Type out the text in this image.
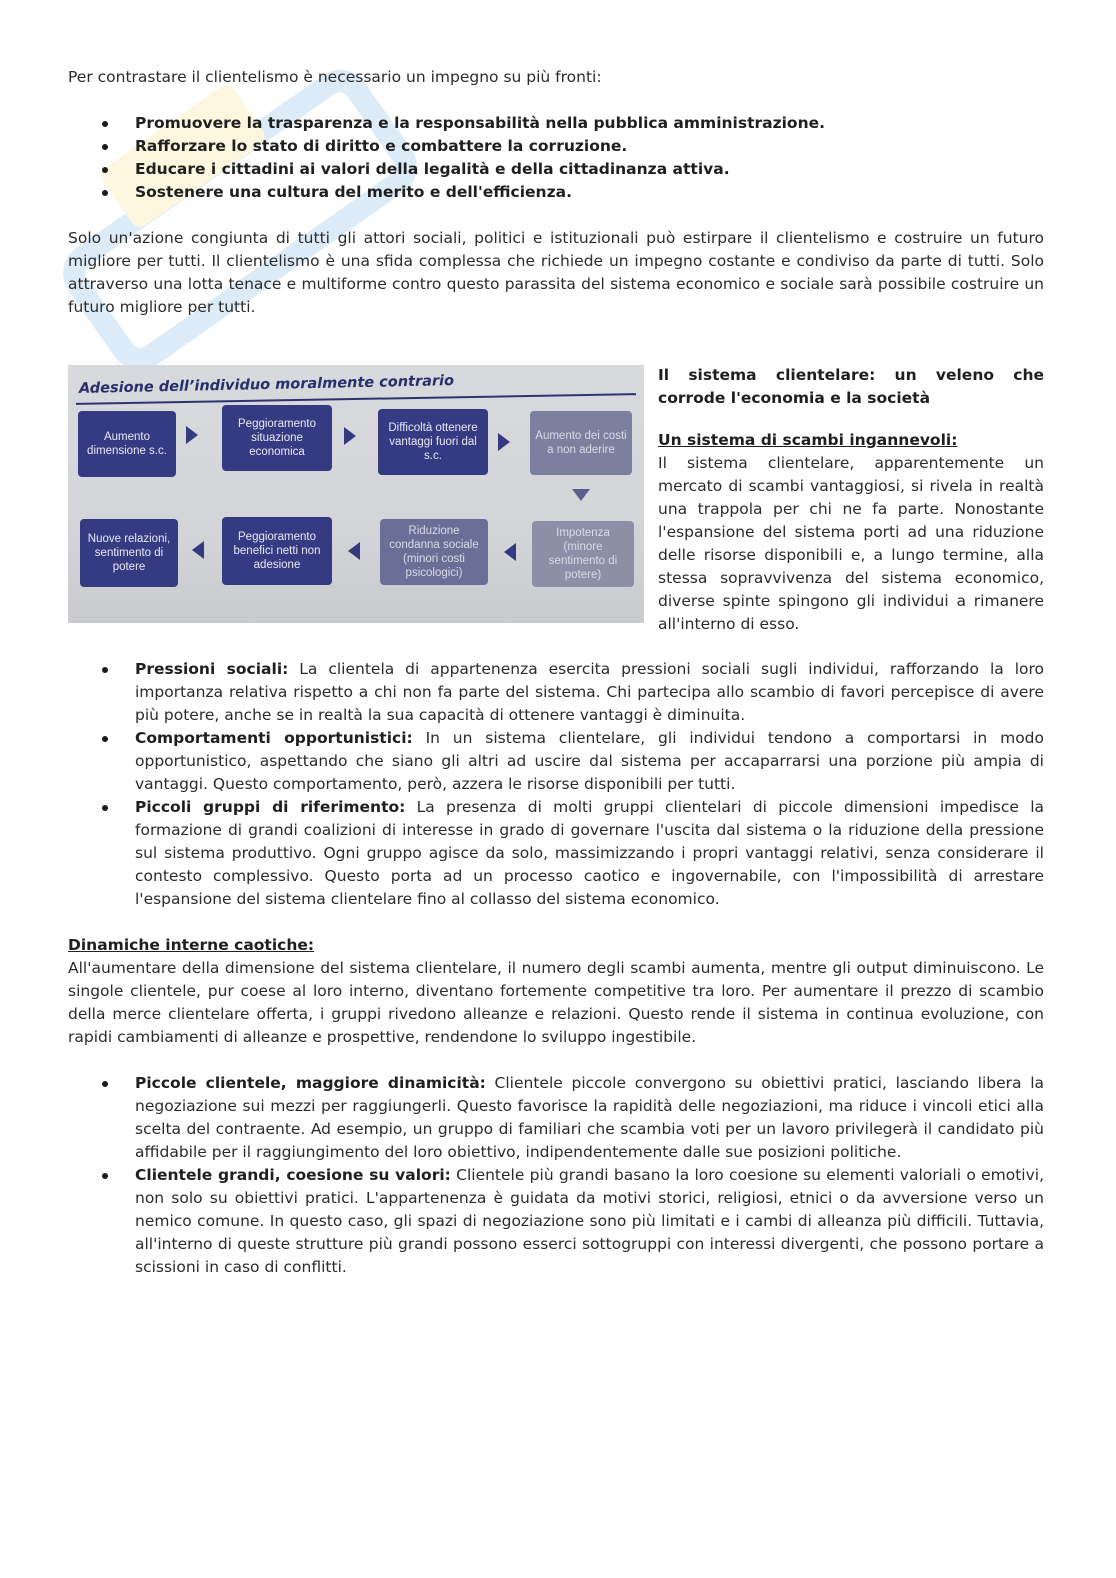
Per contrastare il clientelismo è necessario un impegno su più fronti:

Promuovere la trasparenza e la responsabilità nella pubblica amministrazione.
Rafforzare lo stato di diritto e combattere la corruzione.
Educare i cittadini ai valori della legalità e della cittadinanza attiva.
Sostenere una cultura del merito e dell'efficienza.

Solo un'azione congiunta di tutti gli attori sociali, politici e istituzionali può estirpare il clientelismo e costruire un futuro migliore per tutti. Il clientelismo è una sfida complessa che richiede un impegno costante e condiviso da parte di tutti. Solo attraverso una lotta tenace e multiforme contro questo parassita del sistema economico e sociale sarà possibile costruire un futuro migliore per tutti.

Adesione dell’individuo moralmente contrario
Aumento dimensione s.c.
Peggioramento situazione economica
Difficoltà ottenere vantaggi fuori dal s.c.
Aumento dei costi a non aderire
Nuove relazioni, sentimento di potere
Peggioramento benefici netti non adesione
Riduzione condanna sociale (minori costi psicologici)
Impotenza (minore sentimento di potere)

Il sistema clientelare: un veleno che corrode l'economia e la società

Un sistema di scambi ingannevoli:

Il sistema clientelare, apparentemente un mercato di scambi vantaggiosi, si rivela in realtà una trappola per chi ne fa parte. Nonostante l'espansione del sistema porti ad una riduzione delle risorse disponibili e, a lungo termine, alla stessa sopravvivenza del sistema economico, diverse spinte spingono gli individui a rimanere all'interno di esso.

Pressioni sociali: La clientela di appartenenza esercita pressioni sociali sugli individui, rafforzando la loro importanza relativa rispetto a chi non fa parte del sistema. Chi partecipa allo scambio di favori percepisce di avere più potere, anche se in realtà la sua capacità di ottenere vantaggi è diminuita.
Comportamenti opportunistici: In un sistema clientelare, gli individui tendono a comportarsi in modo opportunistico, aspettando che siano gli altri ad uscire dal sistema per accaparrarsi una porzione più ampia di vantaggi. Questo comportamento, però, azzera le risorse disponibili per tutti.
Piccoli gruppi di riferimento: La presenza di molti gruppi clientelari di piccole dimensioni impedisce la formazione di grandi coalizioni di interesse in grado di governare l'uscita dal sistema o la riduzione della pressione sul sistema produttivo. Ogni gruppo agisce da solo, massimizzando i propri vantaggi relativi, senza considerare il contesto complessivo. Questo porta ad un processo caotico e ingovernabile, con l'impossibilità di arrestare l'espansione del sistema clientelare fino al collasso del sistema economico.

Dinamiche interne caotiche:

All'aumentare della dimensione del sistema clientelare, il numero degli scambi aumenta, mentre gli output diminuiscono. Le singole clientele, pur coese al loro interno, diventano fortemente competitive tra loro. Per aumentare il prezzo di scambio della merce clientelare offerta, i gruppi rivedono alleanze e relazioni. Questo rende il sistema in continua evoluzione, con rapidi cambiamenti di alleanze e prospettive, rendendone lo sviluppo ingestibile.

Piccole clientele, maggiore dinamicità: Clientele piccole convergono su obiettivi pratici, lasciando libera la negoziazione sui mezzi per raggiungerli. Questo favorisce la rapidità delle negoziazioni, ma riduce i vincoli etici alla scelta del contraente. Ad esempio, un gruppo di familiari che scambia voti per un lavoro privilegerà il candidato più affidabile per il raggiungimento del loro obiettivo, indipendentemente dalle sue posizioni politiche.
Clientele grandi, coesione su valori: Clientele più grandi basano la loro coesione su elementi valoriali o emotivi, non solo su obiettivi pratici. L'appartenenza è guidata da motivi storici, religiosi, etnici o da avversione verso un nemico comune. In questo caso, gli spazi di negoziazione sono più limitati e i cambi di alleanza più difficili. Tuttavia, all'interno di queste strutture più grandi possono esserci sottogruppi con interessi divergenti, che possono portare a scissioni in caso di conflitti.
